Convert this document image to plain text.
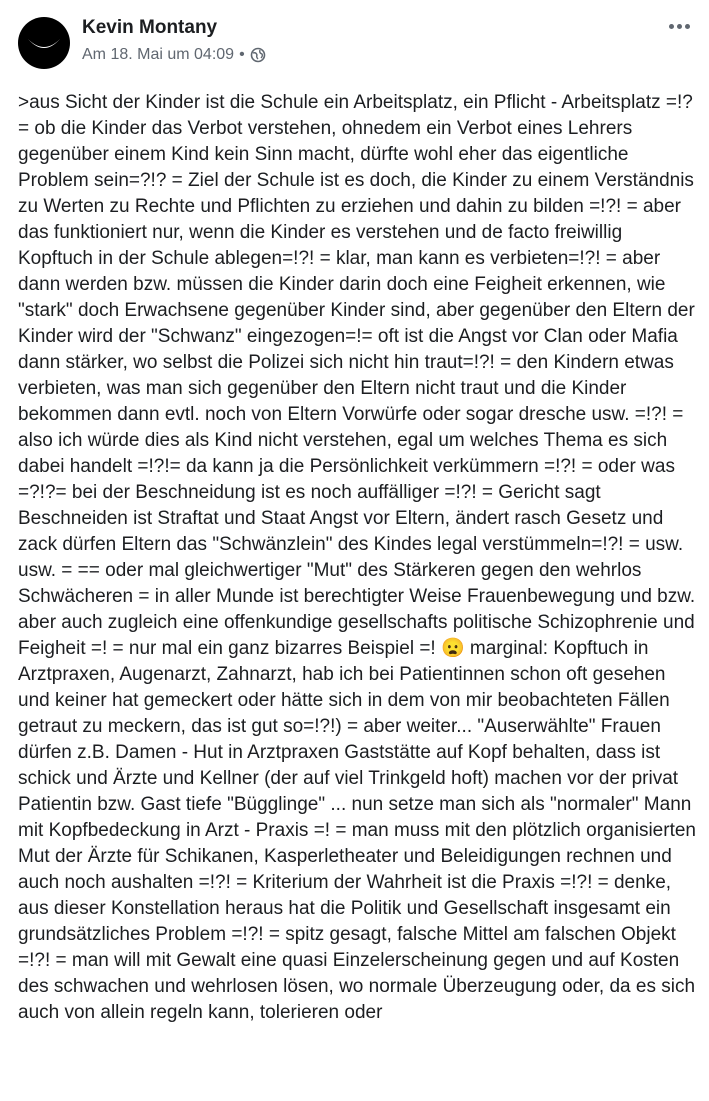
Kevin Montany
Am 18. Mai um 04:09 •
>aus Sicht der Kinder ist die Schule ein Arbeitsplatz, ein Pflicht - Arbeitsplatz =!? = ob die Kinder das Verbot verstehen, ohnedem ein Verbot eines Lehrers gegenüber einem Kind kein Sinn macht, dürfte wohl eher das eigentliche Problem sein=?!? = Ziel der Schule ist es doch, die Kinder zu einem Verständnis zu Werten zu Rechte und Pflichten zu erziehen und dahin zu bilden =!?! = aber das funktioniert nur, wenn die Kinder es verstehen und de facto freiwillig Kopftuch in der Schule ablegen=!?! = klar, man kann es verbieten=!?! = aber dann werden bzw. müssen die Kinder darin doch eine Feigheit erkennen, wie "stark" doch Erwachsene gegenüber Kinder sind, aber gegenüber den Eltern der Kinder wird der "Schwanz" eingezogen=!= oft ist die Angst vor Clan oder Mafia dann stärker, wo selbst die Polizei sich nicht hin traut=!?! = den Kindern etwas verbieten, was man sich gegenüber den Eltern nicht traut und die Kinder bekommen dann evtl. noch von Eltern Vorwürfe oder sogar dresche usw. =!?! = also ich würde dies als Kind nicht verstehen, egal um welches Thema es sich dabei handelt =!?!= da kann ja die Persönlichkeit verkümmern =!?! = oder was =?!?= bei der Beschneidung ist es noch auffälliger =!?! = Gericht sagt Beschneiden ist Straftat und Staat Angst vor Eltern, ändert rasch Gesetz und zack dürfen Eltern das "Schwänzlein" des Kindes legal verstümmeln=!?! = usw. usw. = == oder mal gleichwertiger "Mut" des Stärkeren gegen den wehrlos Schwächeren = in aller Munde ist berechtigter Weise Frauenbewegung und bzw. aber auch zugleich eine offenkundige gesellschafts politische Schizophrenie und Feigheit =! = nur mal ein ganz bizarres Beispiel =! 😦 marginal: Kopftuch in Arztpraxen, Augenarzt, Zahnarzt, hab ich bei Patientinnen schon oft gesehen und keiner hat gemeckert oder hätte sich in dem von mir beobachteten Fällen getraut zu meckern, das ist gut so=!?!) = aber weiter... "Auserwählte" Frauen dürfen z.B. Damen - Hut in Arztpraxen Gaststätte auf Kopf behalten, dass ist schick und Ärzte und Kellner (der auf viel Trinkgeld hoft) machen vor der privat Patientin bzw. Gast tiefe "Bügglinge" ... nun setze man sich als "normaler" Mann mit Kopfbedeckung in Arzt - Praxis =! = man muss mit den plötzlich organisierten Mut der Ärzte für Schikanen, Kasperletheater und Beleidigungen rechnen und auch noch aushalten =!?! = Kriterium der Wahrheit ist die Praxis =!?! = denke, aus dieser Konstellation heraus hat die Politik und Gesellschaft insgesamt ein grundsätzliches Problem =!?! = spitz gesagt, falsche Mittel am falschen Objekt =!?! = man will mit Gewalt eine quasi Einzelerscheinung gegen und auf Kosten des schwachen und wehrlosen lösen, wo normale Überzeugung oder, da es sich auch von allein regeln kann, tolerieren oder
